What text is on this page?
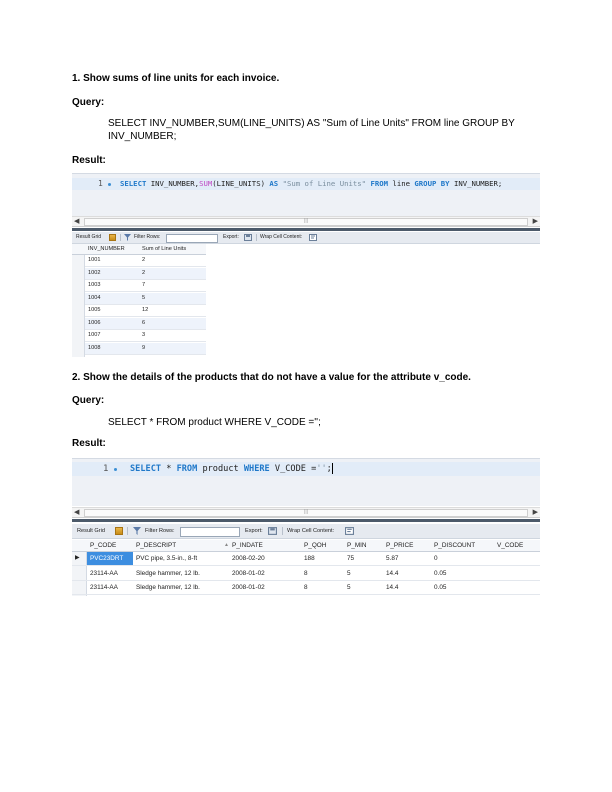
1. Show sums of line units for each invoice.
Query:
SELECT INV_NUMBER,SUM(LINE_UNITS) AS "Sum of Line Units" FROM line GROUP BY INV_NUMBER;
Result:
1 SELECT INV_NUMBER,SUM(LINE_UNITS) AS "Sum of Line Units" FROM line GROUP BY INV_NUMBER;
◀	|||	▶
Result Grid	Filter Rows:	Export:	Wrap Cell Content:
INV_NUMBER	Sum of Line Units
1001	2
1002	2
1003	7
1004	5
1005	12
1006	6
1007	3
1008	9
2. Show the details of the products that do not have a value for the attribute v_code.
Query:
SELECT * FROM product WHERE V_CODE ='';
Result:
1	SELECT * FROM product WHERE V_CODE ='';
◀	|||	▶
Result Grid	Filter Rows:	Export:	Wrap Cell Content:
P_CODE	P_DESCRIPT	▲ P_INDATE	P_QOH	P_MIN	P_PRICE	P_DISCOUNT	V_CODE
▶	PVC23DRT	PVC pipe, 3.5-in., 8-ft	2008-02-20	188	75	5.87	0
23114-AA	Sledge hammer, 12 lb.	2008-01-02	8	5	14.4	0.05
23114-AA	Sledge hammer, 12 lb.	2008-01-02	8	5	14.4	0.05
